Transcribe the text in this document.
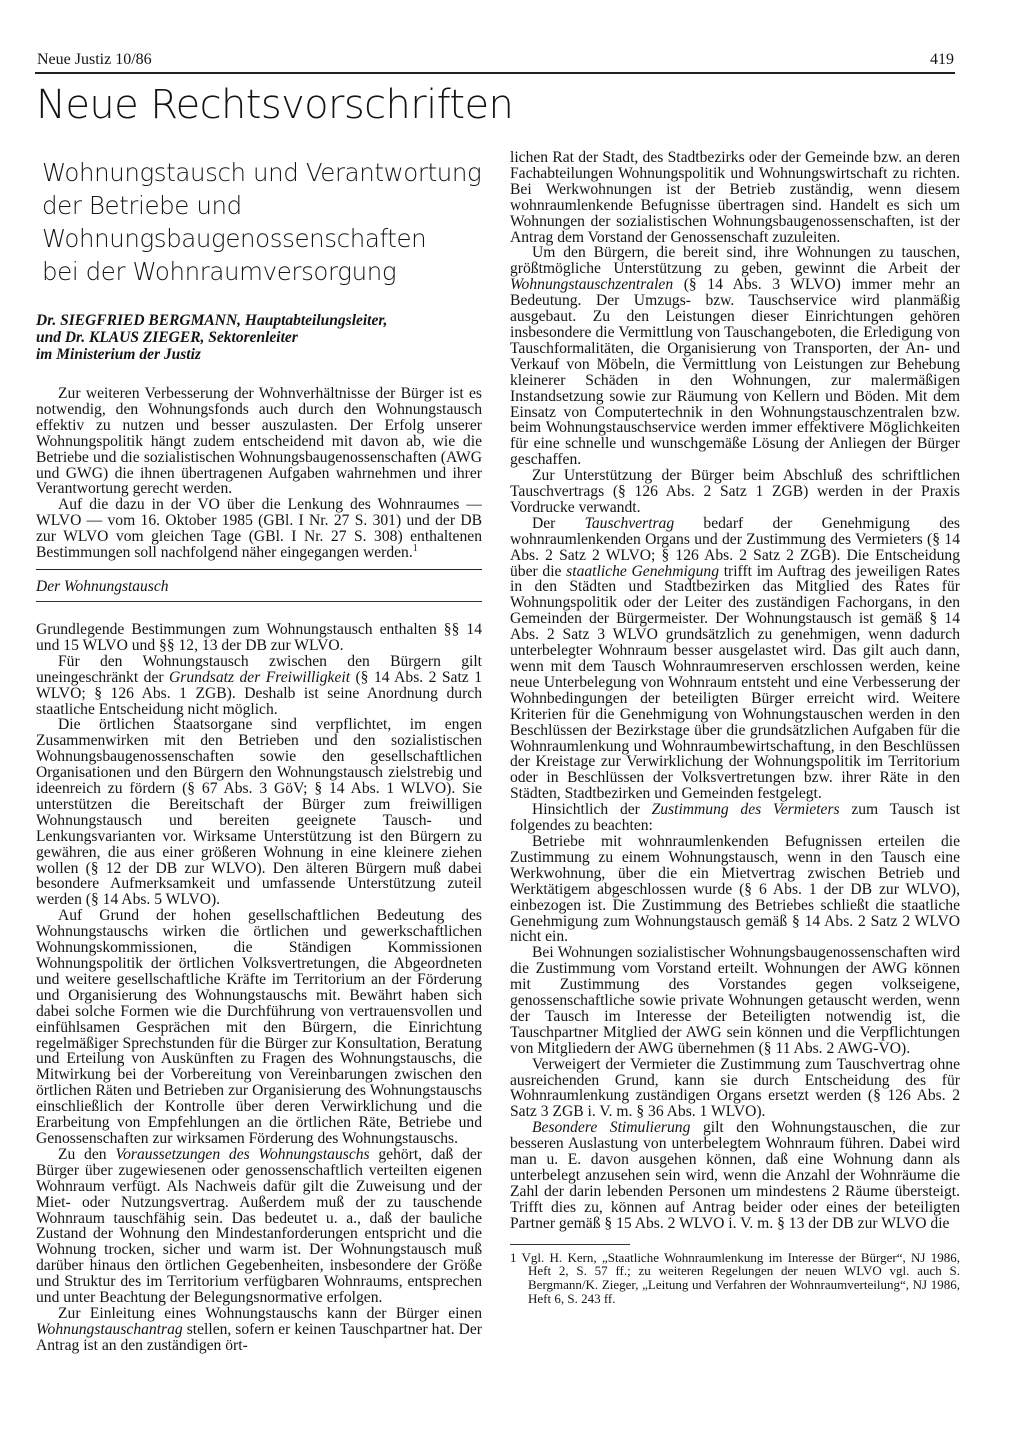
Neue Justiz 10/86	419
Neue Rechtsvorschriften
Wohnungstausch und Verantwortung
der Betriebe und
Wohnungsbaugenossenschaften
bei der Wohnraumversorgung
Dr. SIEGFRIED BERGMANN, Hauptabteilungsleiter,
und Dr. KLAUS ZIEGER, Sektorenleiter
im Ministerium der Justiz

Zur weiteren Verbesserung der Wohnverhältnisse der Bürger ist es notwendig, den Wohnungsfonds auch durch den Wohnungstausch effektiv zu nutzen und besser auszulasten. Der Erfolg unserer Wohnungspolitik hängt zudem entscheidend mit davon ab, wie die Betriebe und die sozialistischen Wohnungsbaugenossenschaften (AWG und GWG) die ihnen übertragenen Aufgaben wahrnehmen und ihrer Verantwortung gerecht werden.

Auf die dazu in der VO über die Lenkung des Wohnraumes — WLVO — vom 16. Oktober 1985 (GBl. I Nr. 27 S. 301) und der DB zur WLVO vom gleichen Tage (GBl. I Nr. 27 S. 308) enthaltenen Bestimmungen soll nachfolgend näher eingegangen werden.$^1$

Der Wohnungstausch

Grundlegende Bestimmungen zum Wohnungstausch enthalten §§ 14 und 15 WLVO und §§ 12, 13 der DB zur WLVO.

Für den Wohnungstausch zwischen den Bürgern gilt uneingeschränkt der Grundsatz der Freiwilligkeit (§ 14 Abs. 2 Satz 1 WLVO; § 126 Abs. 1 ZGB). Deshalb ist seine Anordnung durch staatliche Entscheidung nicht möglich.

Die örtlichen Staatsorgane sind verpflichtet, im engen Zusammenwirken mit den Betrieben und den sozialistischen Wohnungsbaugenossenschaften sowie den gesellschaftlichen Organisationen und den Bürgern den Wohnungstausch zielstrebig und ideenreich zu fördern (§ 67 Abs. 3 GöV; § 14 Abs. 1 WLVO). Sie unterstützen die Bereitschaft der Bürger zum freiwilligen Wohnungstausch und bereiten geeignete Tausch- und Lenkungsvarianten vor. Wirksame Unterstützung ist den Bürgern zu gewähren, die aus einer größeren Wohnung in eine kleinere ziehen wollen (§ 12 der DB zur WLVO). Den älteren Bürgern muß dabei besondere Aufmerksamkeit und umfassende Unterstützung zuteil werden (§ 14 Abs. 5 WLVO).

Auf Grund der hohen gesellschaftlichen Bedeutung des Wohnungstauschs wirken die örtlichen und gewerkschaftlichen Wohnungskommissionen, die Ständigen Kommissionen Wohnungspolitik der örtlichen Volksvertretungen, die Abgeordneten und weitere gesellschaftliche Kräfte im Territorium an der Förderung und Organisierung des Wohnungstauschs mit. Bewährt haben sich dabei solche Formen wie die Durchführung von vertrauensvollen und einfühlsamen Gesprächen mit den Bürgern, die Einrichtung regelmäßiger Sprechstunden für die Bürger zur Konsultation, Beratung und Erteilung von Auskünften zu Fragen des Wohnungstauschs, die Mitwirkung bei der Vorbereitung von Vereinbarungen zwischen den örtlichen Räten und Betrieben zur Organisierung des Wohnungstauschs einschließlich der Kontrolle über deren Verwirklichung und die Erarbeitung von Empfehlungen an die örtlichen Räte, Betriebe und Genossenschaften zur wirksamen Förderung des Wohnungstauschs.

Zu den Voraussetzungen des Wohnungstauschs gehört, daß der Bürger über zugewiesenen oder genossenschaftlich verteilten eigenen Wohnraum verfügt. Als Nachweis dafür gilt die Zuweisung und der Miet- oder Nutzungsvertrag. Außerdem muß der zu tauschende Wohnraum tauschfähig sein. Das bedeutet u. a., daß der bauliche Zustand der Wohnung den Mindestanforderungen entspricht und die Wohnung trocken, sicher und warm ist. Der Wohnungstausch muß darüber hinaus den örtlichen Gegebenheiten, insbesondere der Größe und Struktur des im Territorium verfügbaren Wohnraums, entsprechen und unter Beachtung der Belegungsnormative erfolgen.

Zur Einleitung eines Wohnungstauschs kann der Bürger einen Wohnungstauschantrag stellen, sofern er keinen Tauschpartner hat. Der Antrag ist an den zuständigen ört-

lichen Rat der Stadt, des Stadtbezirks oder der Gemeinde bzw. an deren Fachabteilungen Wohnungspolitik und Wohnungswirtschaft zu richten. Bei Werkwohnungen ist der Betrieb zuständig, wenn diesem wohnraumlenkende Befugnisse übertragen sind. Handelt es sich um Wohnungen der sozialistischen Wohnungsbaugenossenschaften, ist der Antrag dem Vorstand der Genossenschaft zuzuleiten.

Um den Bürgern, die bereit sind, ihre Wohnungen zu tauschen, größtmögliche Unterstützung zu geben, gewinnt die Arbeit der Wohnungstauschzentralen (§ 14 Abs. 3 WLVO) immer mehr an Bedeutung. Der Umzugs- bzw. Tauschservice wird planmäßig ausgebaut. Zu den Leistungen dieser Einrichtungen gehören insbesondere die Vermittlung von Tauschangeboten, die Erledigung von Tauschformalitäten, die Organisierung von Transporten, der An- und Verkauf von Möbeln, die Vermittlung von Leistungen zur Behebung kleinerer Schäden in den Wohnungen, zur malermäßigen Instandsetzung sowie zur Räumung von Kellern und Böden. Mit dem Einsatz von Computertechnik in den Wohnungstauschzentralen bzw. beim Wohnungstauschservice werden immer effektivere Möglichkeiten für eine schnelle und wunschgemäße Lösung der Anliegen der Bürger geschaffen.

Zur Unterstützung der Bürger beim Abschluß des schriftlichen Tauschvertrags (§ 126 Abs. 2 Satz 1 ZGB) werden in der Praxis Vordrucke verwandt.

Der Tauschvertrag bedarf der Genehmigung des wohnraumlenkenden Organs und der Zustimmung des Vermieters (§ 14 Abs. 2 Satz 2 WLVO; § 126 Abs. 2 Satz 2 ZGB). Die Entscheidung über die staatliche Genehmigung trifft im Auftrag des jeweiligen Rates in den Städten und Stadtbezirken das Mitglied des Rates für Wohnungspolitik oder der Leiter des zuständigen Fachorgans, in den Gemeinden der Bürgermeister. Der Wohnungstausch ist gemäß § 14 Abs. 2 Satz 3 WLVO grundsätzlich zu genehmigen, wenn dadurch unterbelegter Wohnraum besser ausgelastet wird. Das gilt auch dann, wenn mit dem Tausch Wohnraumreserven erschlossen werden, keine neue Unterbelegung von Wohnraum entsteht und eine Verbesserung der Wohnbedingungen der beteiligten Bürger erreicht wird. Weitere Kriterien für die Genehmigung von Wohnungstauschen werden in den Beschlüssen der Bezirkstage über die grundsätzlichen Aufgaben für die Wohnraumlenkung und Wohnraumbewirtschaftung, in den Beschlüssen der Kreistage zur Verwirklichung der Wohnungspolitik im Territorium oder in Beschlüssen der Volksvertretungen bzw. ihrer Räte in den Städten, Stadtbezirken und Gemeinden festgelegt.

Hinsichtlich der Zustimmung des Vermieters zum Tausch ist folgendes zu beachten:

Betriebe mit wohnraumlenkenden Befugnissen erteilen die Zustimmung zu einem Wohnungstausch, wenn in den Tausch eine Werkwohnung, über die ein Mietvertrag zwischen Betrieb und Werktätigem abgeschlossen wurde (§ 6 Abs. 1 der DB zur WLVO), einbezogen ist. Die Zustimmung des Betriebes schließt die staatliche Genehmigung zum Wohnungstausch gemäß § 14 Abs. 2 Satz 2 WLVO nicht ein.

Bei Wohnungen sozialistischer Wohnungsbaugenossenschaften wird die Zustimmung vom Vorstand erteilt. Wohnungen der AWG können mit Zustimmung des Vorstandes gegen volkseigene, genossenschaftliche sowie private Wohnungen getauscht werden, wenn der Tausch im Interesse der Beteiligten notwendig ist, die Tauschpartner Mitglied der AWG sein können und die Verpflichtungen von Mitgliedern der AWG übernehmen (§ 11 Abs. 2 AWG-VO).

Verweigert der Vermieter die Zustimmung zum Tauschvertrag ohne ausreichenden Grund, kann sie durch Entscheidung des für Wohnraumlenkung zuständigen Organs ersetzt werden (§ 126 Abs. 2 Satz 3 ZGB i. V. m. § 36 Abs. 1 WLVO).

Besondere Stimulierung gilt den Wohnungstauschen, die zur besseren Auslastung von unterbelegtem Wohnraum führen. Dabei wird man u. E. davon ausgehen können, daß eine Wohnung dann als unterbelegt anzusehen sein wird, wenn die Anzahl der Wohnräume die Zahl der darin lebenden Personen um mindestens 2 Räume übersteigt. Trifft dies zu, können auf Antrag beider oder eines der beteiligten Partner gemäß § 15 Abs. 2 WLVO i. V. m. § 13 der DB zur WLVO die

1 Vgl. H. Kern, „Staatliche Wohnraumlenkung im Interesse der Bürger“, NJ 1986, Heft 2, S. 57 ff.; zu weiteren Regelungen der neuen WLVO vgl. auch S. Bergmann/K. Zieger, „Leitung und Verfahren der Wohnraumverteilung“, NJ 1986, Heft 6, S. 243 ff.
